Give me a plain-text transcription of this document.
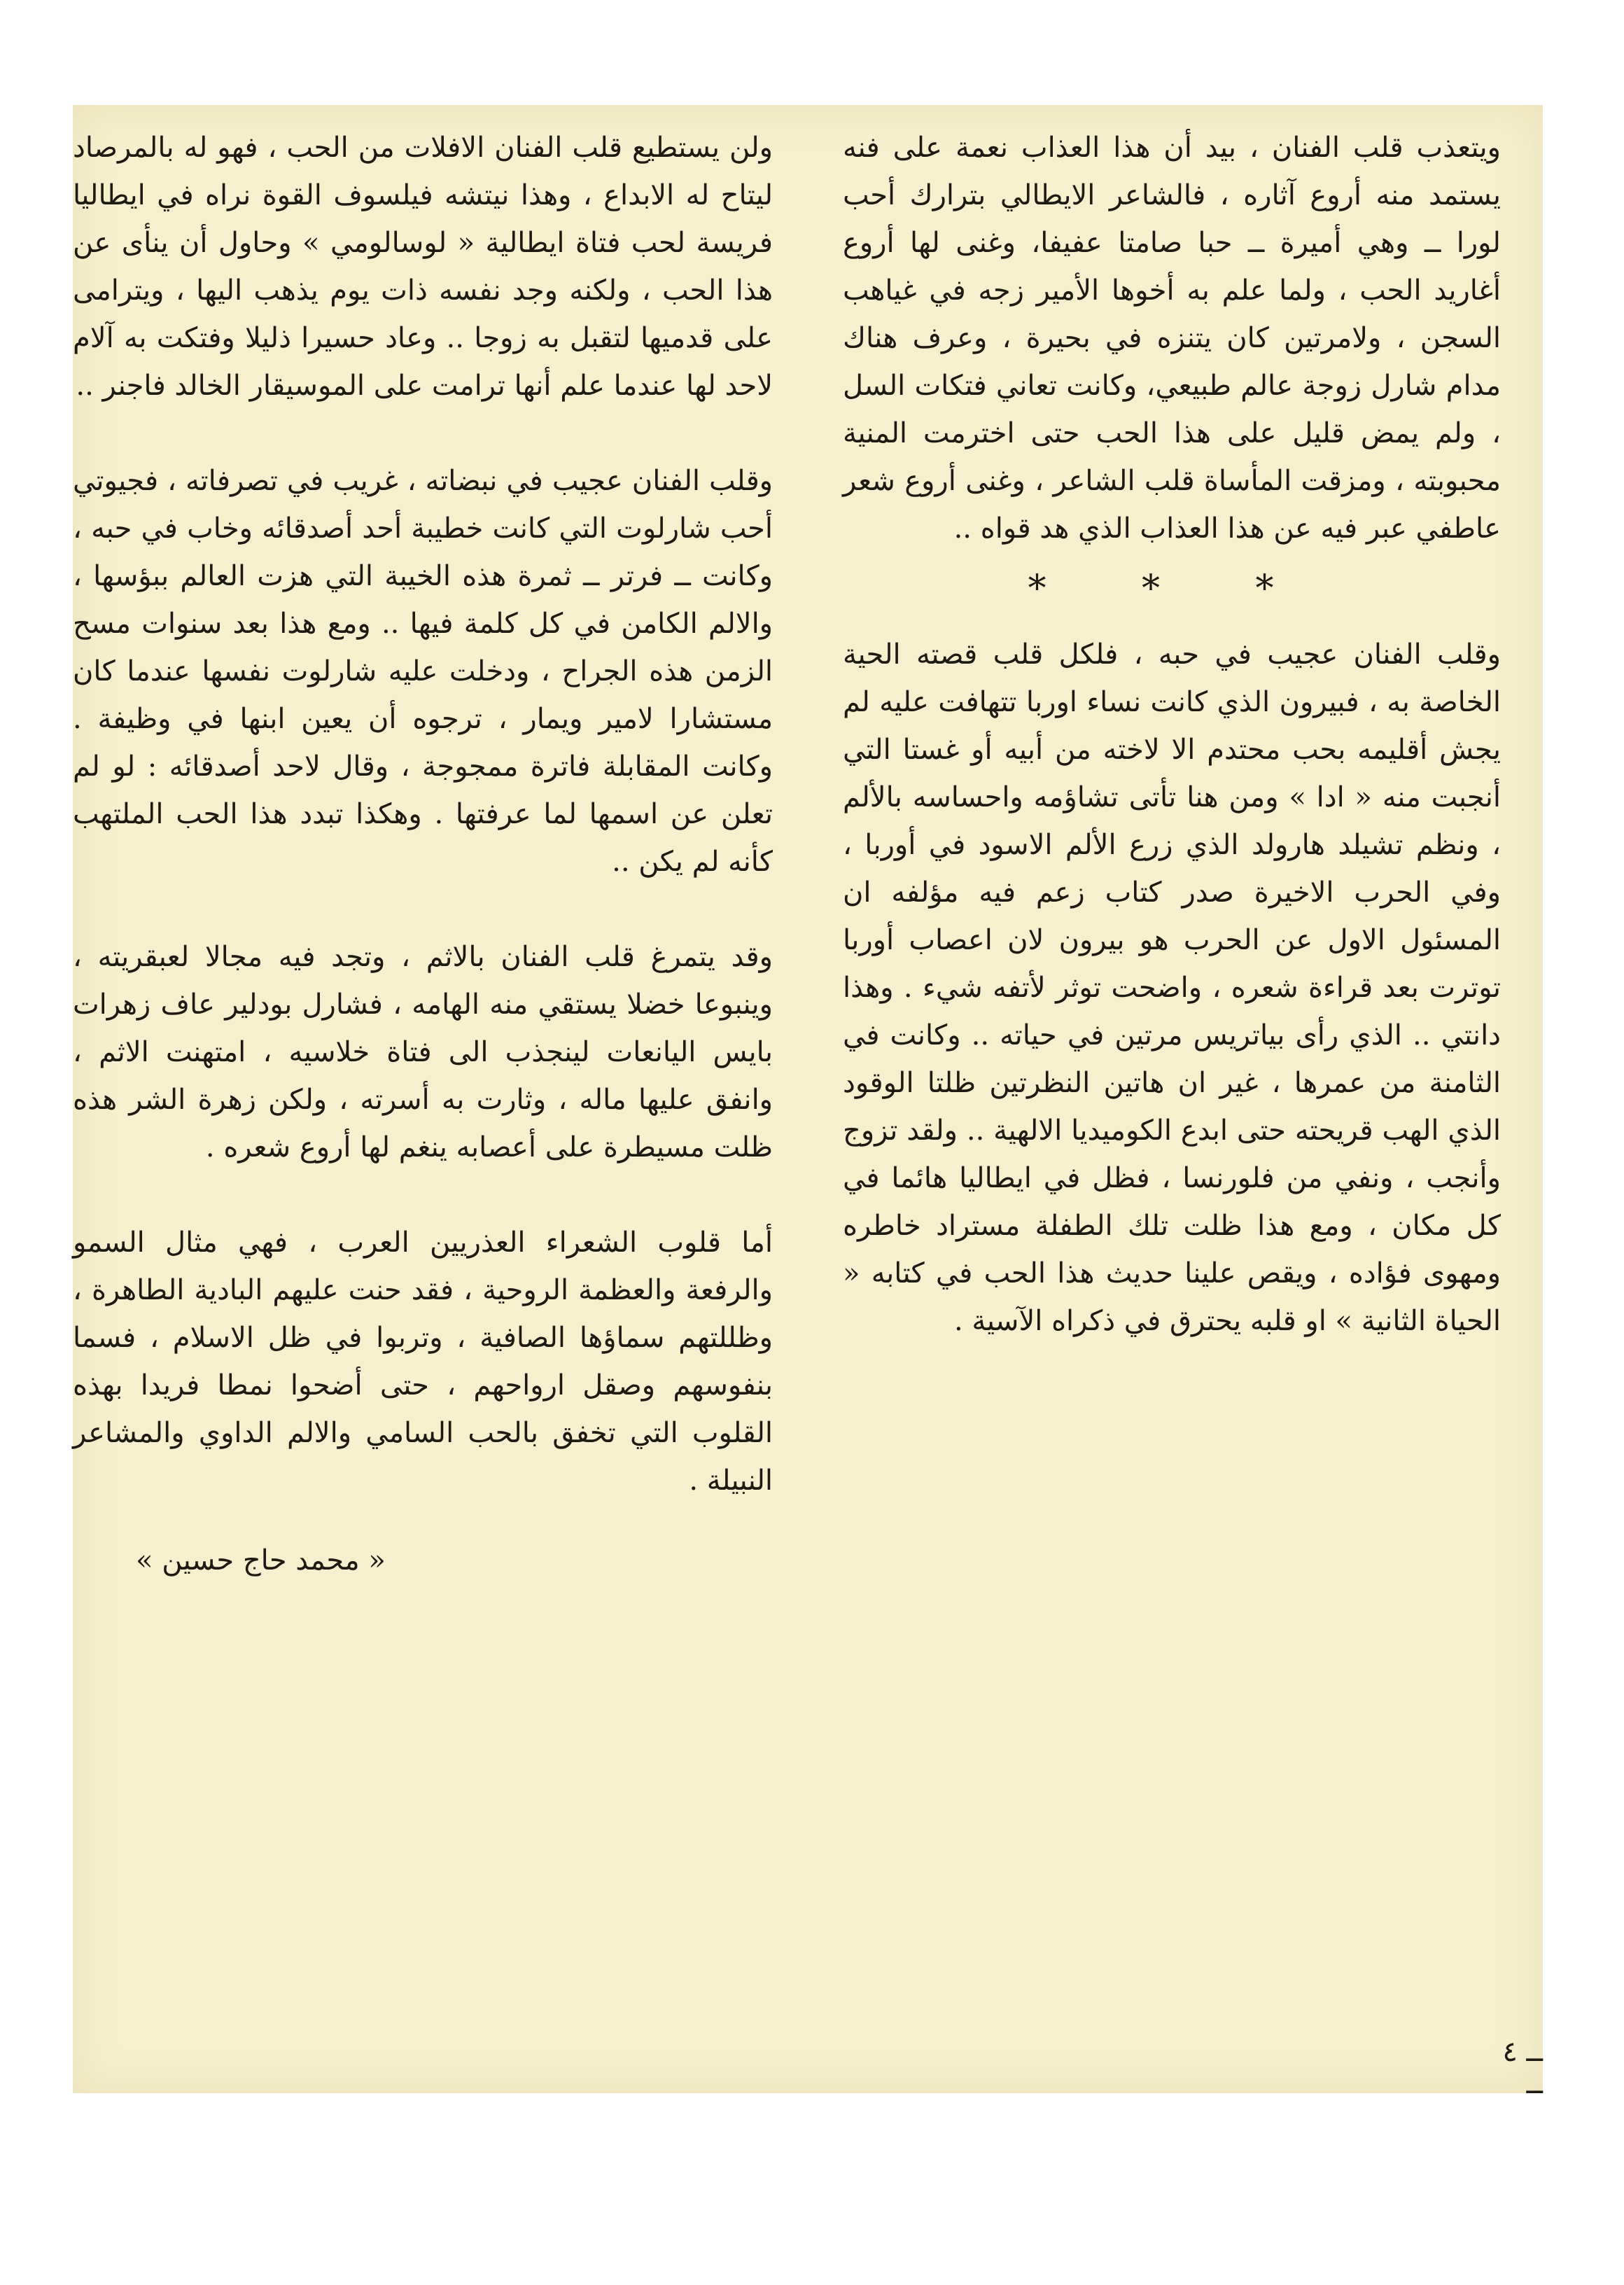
ويتعذب قلب الفنان ، بيد أن هذا العذاب نعمة على فنه يستمد منه أروع آثاره ، فالشاعر الايطالي بترارك أحب لورا ــ وهي أميرة ــ حبا صامتا عفيفا، وغنى لها أروع أغاريد الحب ، ولما علم به أخوها الأمير زجه في غياهب السجن ، ولامرتين كان يتنزه في بحيرة ، وعرف هناك مدام شارل زوجة عالم طبيعي، وكانت تعاني فتكات السل ، ولم يمض قليل على هذا الحب حتى اخترمت المنية محبوبته ، ومزقت المأساة قلب الشاعر ، وغنى أروع شعر عاطفي عبر فيه عن هذا العذاب الذي هد قواه ..

* * *

وقلب الفنان عجيب في حبه ، فلكل قلب قصته الحية الخاصة به ، فبيرون الذي كانت نساء اوربا تتهافت عليه لم يجش أقليمه بحب محتدم الا لاخته من أبيه أو غستا التي أنجبت منه « ادا » ومن هنا تأتى تشاؤمه واحساسه بالألم ، ونظم تشيلد هارولد الذي زرع الألم الاسود في أوربا ، وفي الحرب الاخيرة صدر كتاب زعم فيه مؤلفه ان المسئول الاول عن الحرب هو بيرون لان اعصاب أوربا توترت بعد قراءة شعره ، واضحت توثر لأتفه شيء . وهذا دانتي .. الذي رأى بياتريس مرتين في حياته .. وكانت في الثامنة من عمرها ، غير ان هاتين النظرتين ظلتا الوقود الذي الهب قريحته حتى ابدع الكوميديا الالهية .. ولقد تزوج وأنجب ، ونفي من فلورنسا ، فظل في ايطاليا هائما في كل مكان ، ومع هذا ظلت تلك الطفلة مستراد خاطره ومهوى فؤاده ، ويقص علينا حديث هذا الحب في كتابه « الحياة الثانية » او قلبه يحترق في ذكراه الآسية .

ولن يستطيع قلب الفنان الافلات من الحب ، فهو له بالمرصاد ليتاح له الابداع ، وهذا نيتشه فيلسوف القوة نراه في ايطاليا فريسة لحب فتاة ايطالية « لوسالومي » وحاول أن ينأى عن هذا الحب ، ولكنه وجد نفسه ذات يوم يذهب اليها ، ويترامى على قدميها لتقبل به زوجا .. وعاد حسيرا ذليلا وفتكت به آلام لاحد لها عندما علم أنها ترامت على الموسيقار الخالد فاجنر ..

وقلب الفنان عجيب في نبضاته ، غريب في تصرفاته ، فجيوتي أحب شارلوت التي كانت خطيبة أحد أصدقائه وخاب في حبه ، وكانت ــ فرتر ــ ثمرة هذه الخيبة التي هزت العالم ببؤسها ، والالم الكامن في كل كلمة فيها .. ومع هذا بعد سنوات مسح الزمن هذه الجراح ، ودخلت عليه شارلوت نفسها عندما كان مستشارا لامير ويمار ، ترجوه أن يعين ابنها في وظيفة . وكانت المقابلة فاترة ممجوجة ، وقال لاحد أصدقائه : لو لم تعلن عن اسمها لما عرفتها . وهكذا تبدد هذا الحب الملتهب كأنه لم يكن ..

وقد يتمرغ قلب الفنان بالاثم ، وتجد فيه مجالا لعبقريته ، وينبوعا خضلا يستقي منه الهامه ، فشارل بودلير عاف زهرات بايس اليانعات لينجذب الى فتاة خلاسيه ، امتهنت الاثم ، وانفق عليها ماله ، وثارت به أسرته ، ولكن زهرة الشر هذه ظلت مسيطرة على أعصابه ينغم لها أروع شعره .

أما قلوب الشعراء العذريين العرب ، فهي مثال السمو والرفعة والعظمة الروحية ، فقد حنت عليهم البادية الطاهرة ، وظللتهم سماؤها الصافية ، وتربوا في ظل الاسلام ، فسما بنفوسهم وصقل ارواحهم ، حتى أضحوا نمطا فريدا بهذه القلوب التي تخفق بالحب السامي والالم الداوي والمشاعر النبيلة .

« محمد حاج حسين »
ــ ٤ ــ
